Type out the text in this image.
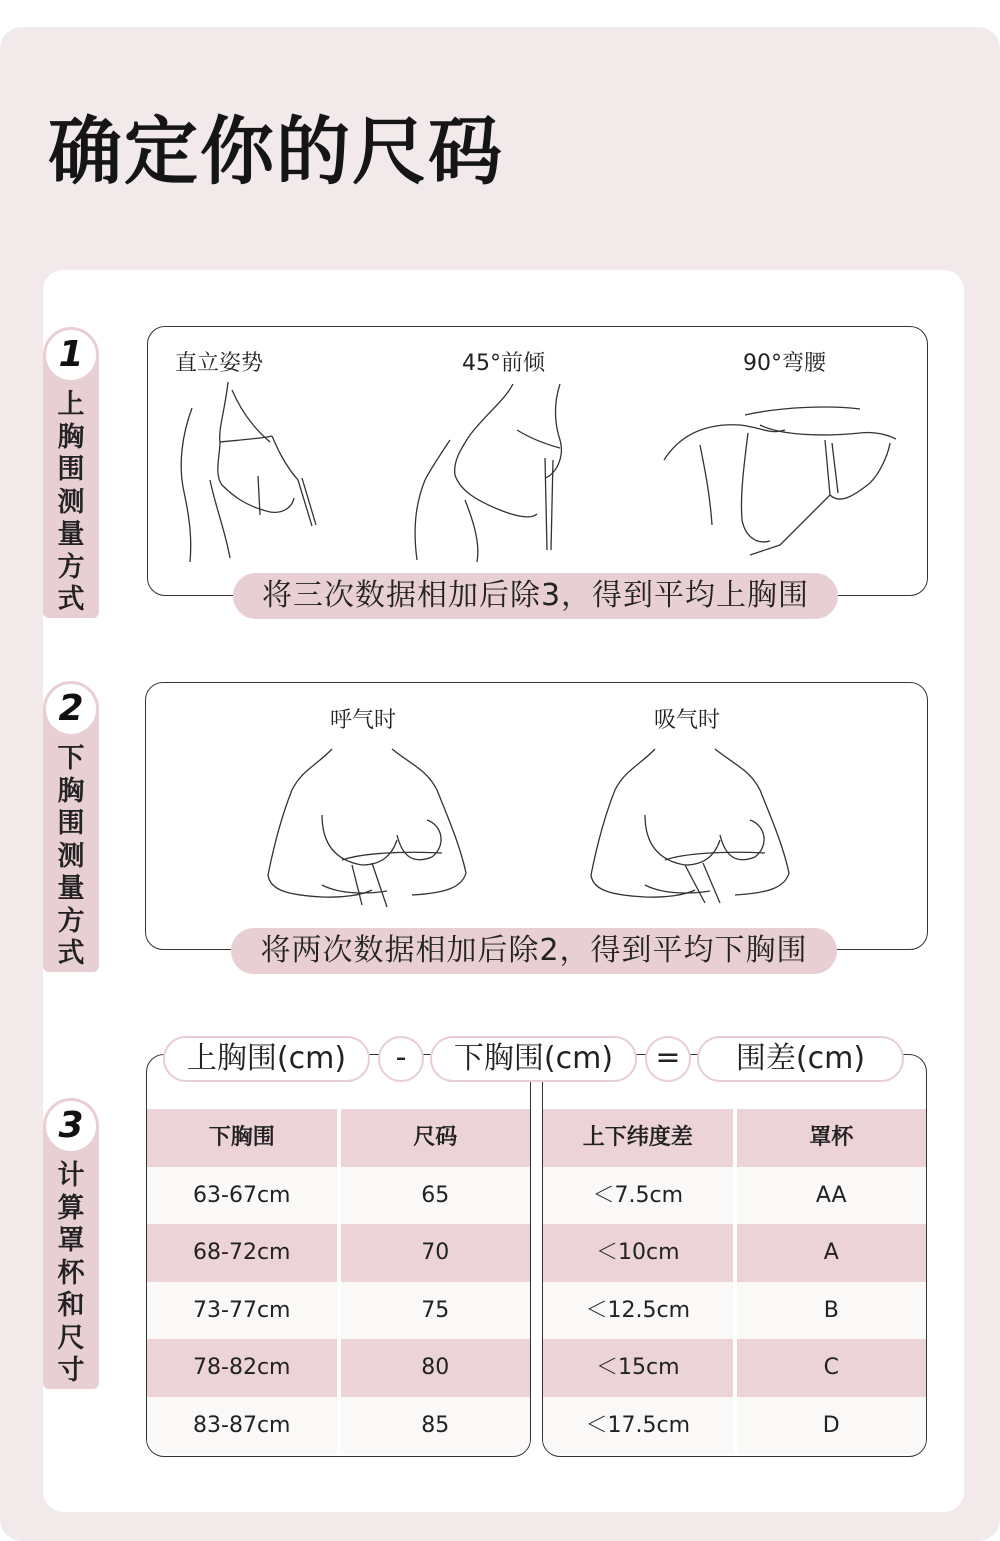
确定你的尺码
1
上
胸
围
测
量
方
式
2
下
胸
围
测
量
方
式
3
计
算
罩
杯
和
尺
寸
直立姿势	45°前倾	90°弯腰
将三次数据相加后除3，得到平均上胸围
呼气时	吸气时
将两次数据相加后除2，得到平均下胸围
下胸围	尺码
63-67cm	65
68-72cm	70
73-77cm	75
78-82cm	80
83-87cm	85
上下纬度差	罩杯
＜7.5cm	AA
＜10cm	A
＜12.5cm	B
＜15cm	C
＜17.5cm	D
上胸围(cm)	-	下胸围(cm)	=	围差(cm)
